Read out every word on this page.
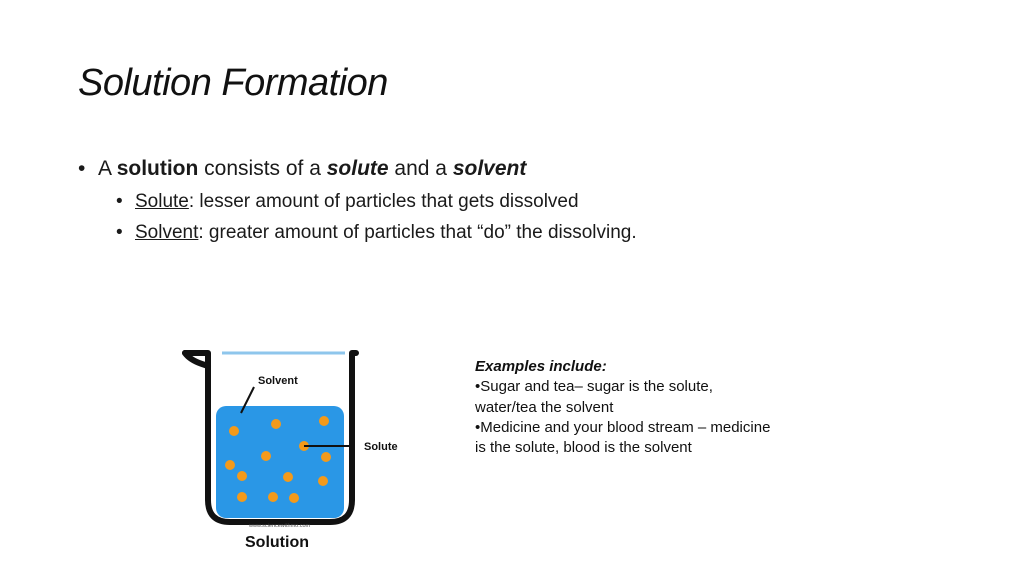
Solution Formation
• A solution consists of a solute and a solvent
• Solute: lesser amount of particles that gets dissolved
• Solvent: greater amount of particles that “do” the dissolving.
Solvent
Solute
www.sciencewithmo.com
Solution
Examples include:
•Sugar and tea– sugar is the solute, water/tea the solvent
•Medicine and your blood stream – medicine is the solute, blood is the solvent
